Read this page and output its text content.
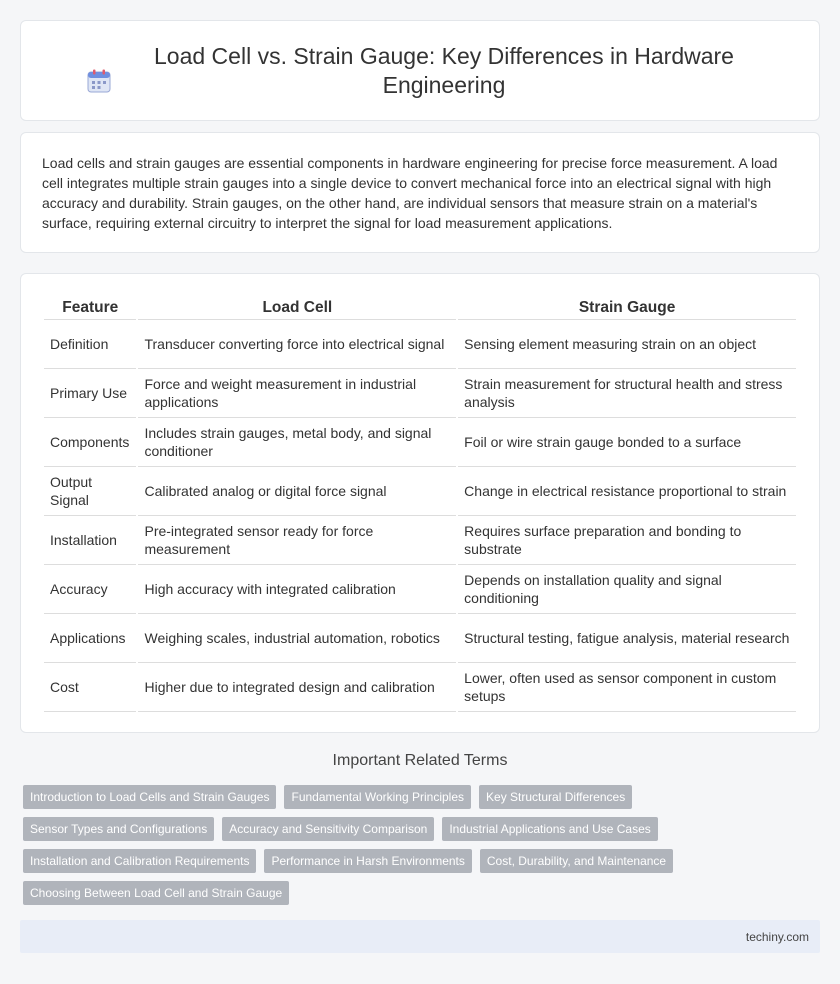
Load Cell vs. Strain Gauge: Key Differences in Hardware Engineering

Load cells and strain gauges are essential components in hardware engineering for precise force measurement. A load cell integrates multiple strain gauges into a single device to convert mechanical force into an electrical signal with high accuracy and durability. Strain gauges, on the other hand, are individual sensors that measure strain on a material's surface, requiring external circuitry to interpret the signal for load measurement applications.

Feature	Load Cell	Strain Gauge
Definition	Transducer converting force into electrical signal	Sensing element measuring strain on an object
Primary Use	Force and weight measurement in industrial applications	Strain measurement for structural health and stress analysis
Components	Includes strain gauges, metal body, and signal conditioner	Foil or wire strain gauge bonded to a surface
Output Signal	Calibrated analog or digital force signal	Change in electrical resistance proportional to strain
Installation	Pre-integrated sensor ready for force measurement	Requires surface preparation and bonding to substrate
Accuracy	High accuracy with integrated calibration	Depends on installation quality and signal conditioning
Applications	Weighing scales, industrial automation, robotics	Structural testing, fatigue analysis, material research
Cost	Higher due to integrated design and calibration	Lower, often used as sensor component in custom setups
Important Related Terms
Introduction to Load Cells and Strain Gauges	Fundamental Working Principles	Key Structural Differences
Sensor Types and Configurations	Accuracy and Sensitivity Comparison	Industrial Applications and Use Cases
Installation and Calibration Requirements	Performance in Harsh Environments	Cost, Durability, and Maintenance
Choosing Between Load Cell and Strain Gauge
techiny.com
